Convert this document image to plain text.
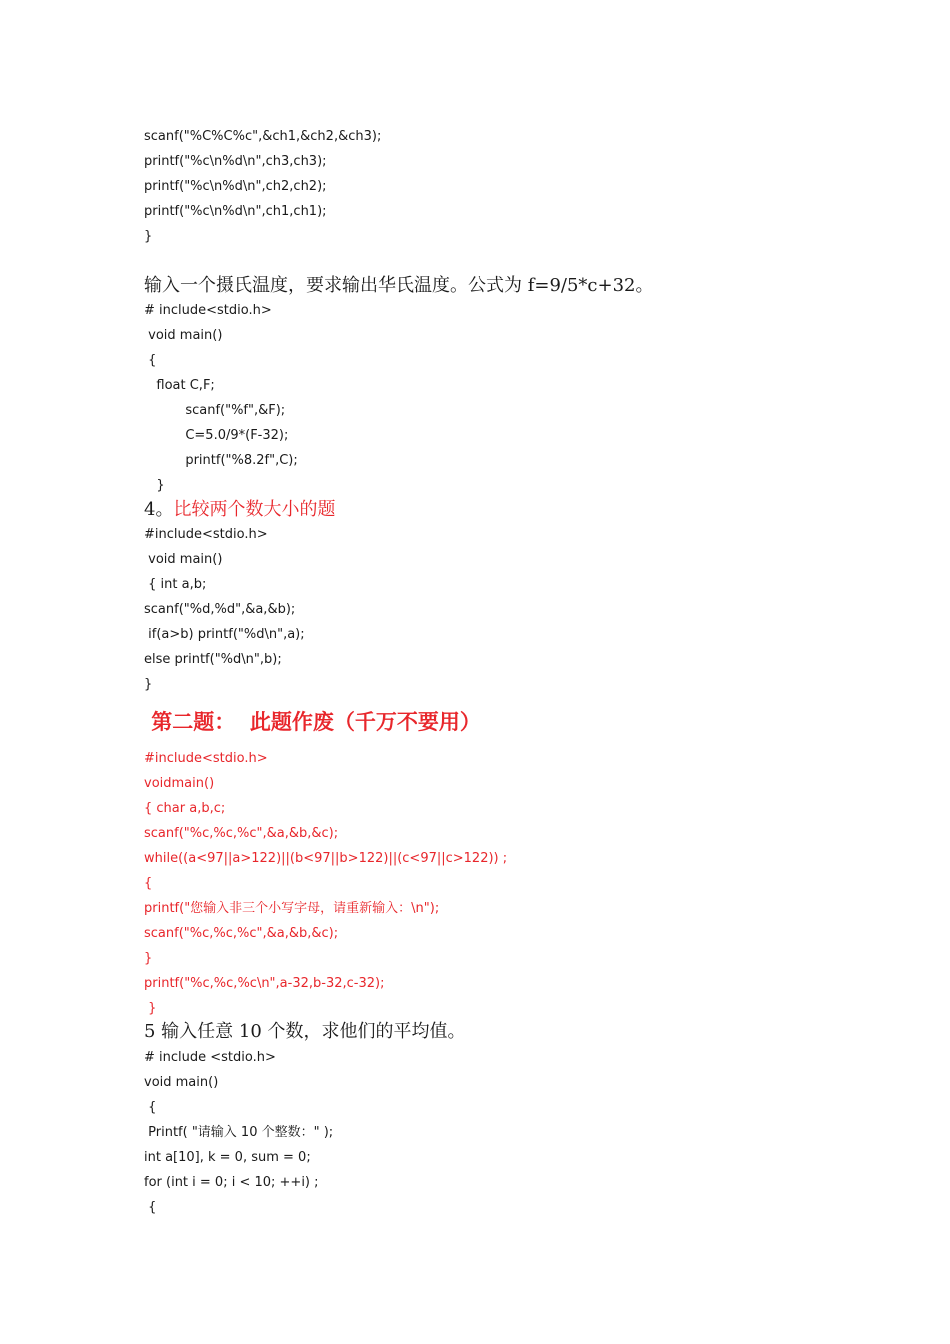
scanf("%C%C%c",&ch1,&ch2,&ch3);
printf("%c\n%d\n",ch3,ch3);
printf("%c\n%d\n",ch2,ch2);
printf("%c\n%d\n",ch1,ch1);
}
输入一个摄氏温度，要求输出华氏温度。公式为 f=9/5*c+32。
# include<stdio.h>
void main()
{
float C,F;
scanf("%f",&F);
C=5.0/9*(F-32);
printf("%8.2f",C);
}
4。比较两个数大小的题
#include<stdio.h>
void main()
{ int a,b;
scanf("%d,%d",&a,&b);
if(a>b) printf("%d\n",a);
else printf("%d\n",b);
}
第二题：  此题作废（千万不要用）
#include<stdio.h>
voidmain()
{ char a,b,c;
scanf("%c,%c,%c",&a,&b,&c);
while((a<97||a>122)||(b<97||b>122)||(c<97||c>122)) ;
{
printf("您输入非三个小写字母，请重新输入：\n");
scanf("%c,%c,%c",&a,&b,&c);
}
printf("%c,%c,%c\n",a-32,b-32,c-32);
}
5 输入任意 10 个数，求他们的平均值。
# include <stdio.h>
void main()
{
Printf( "请输入 10 个整数：" );
int a[10], k = 0, sum = 0;
for (int i = 0; i < 10; ++i) ;
{
